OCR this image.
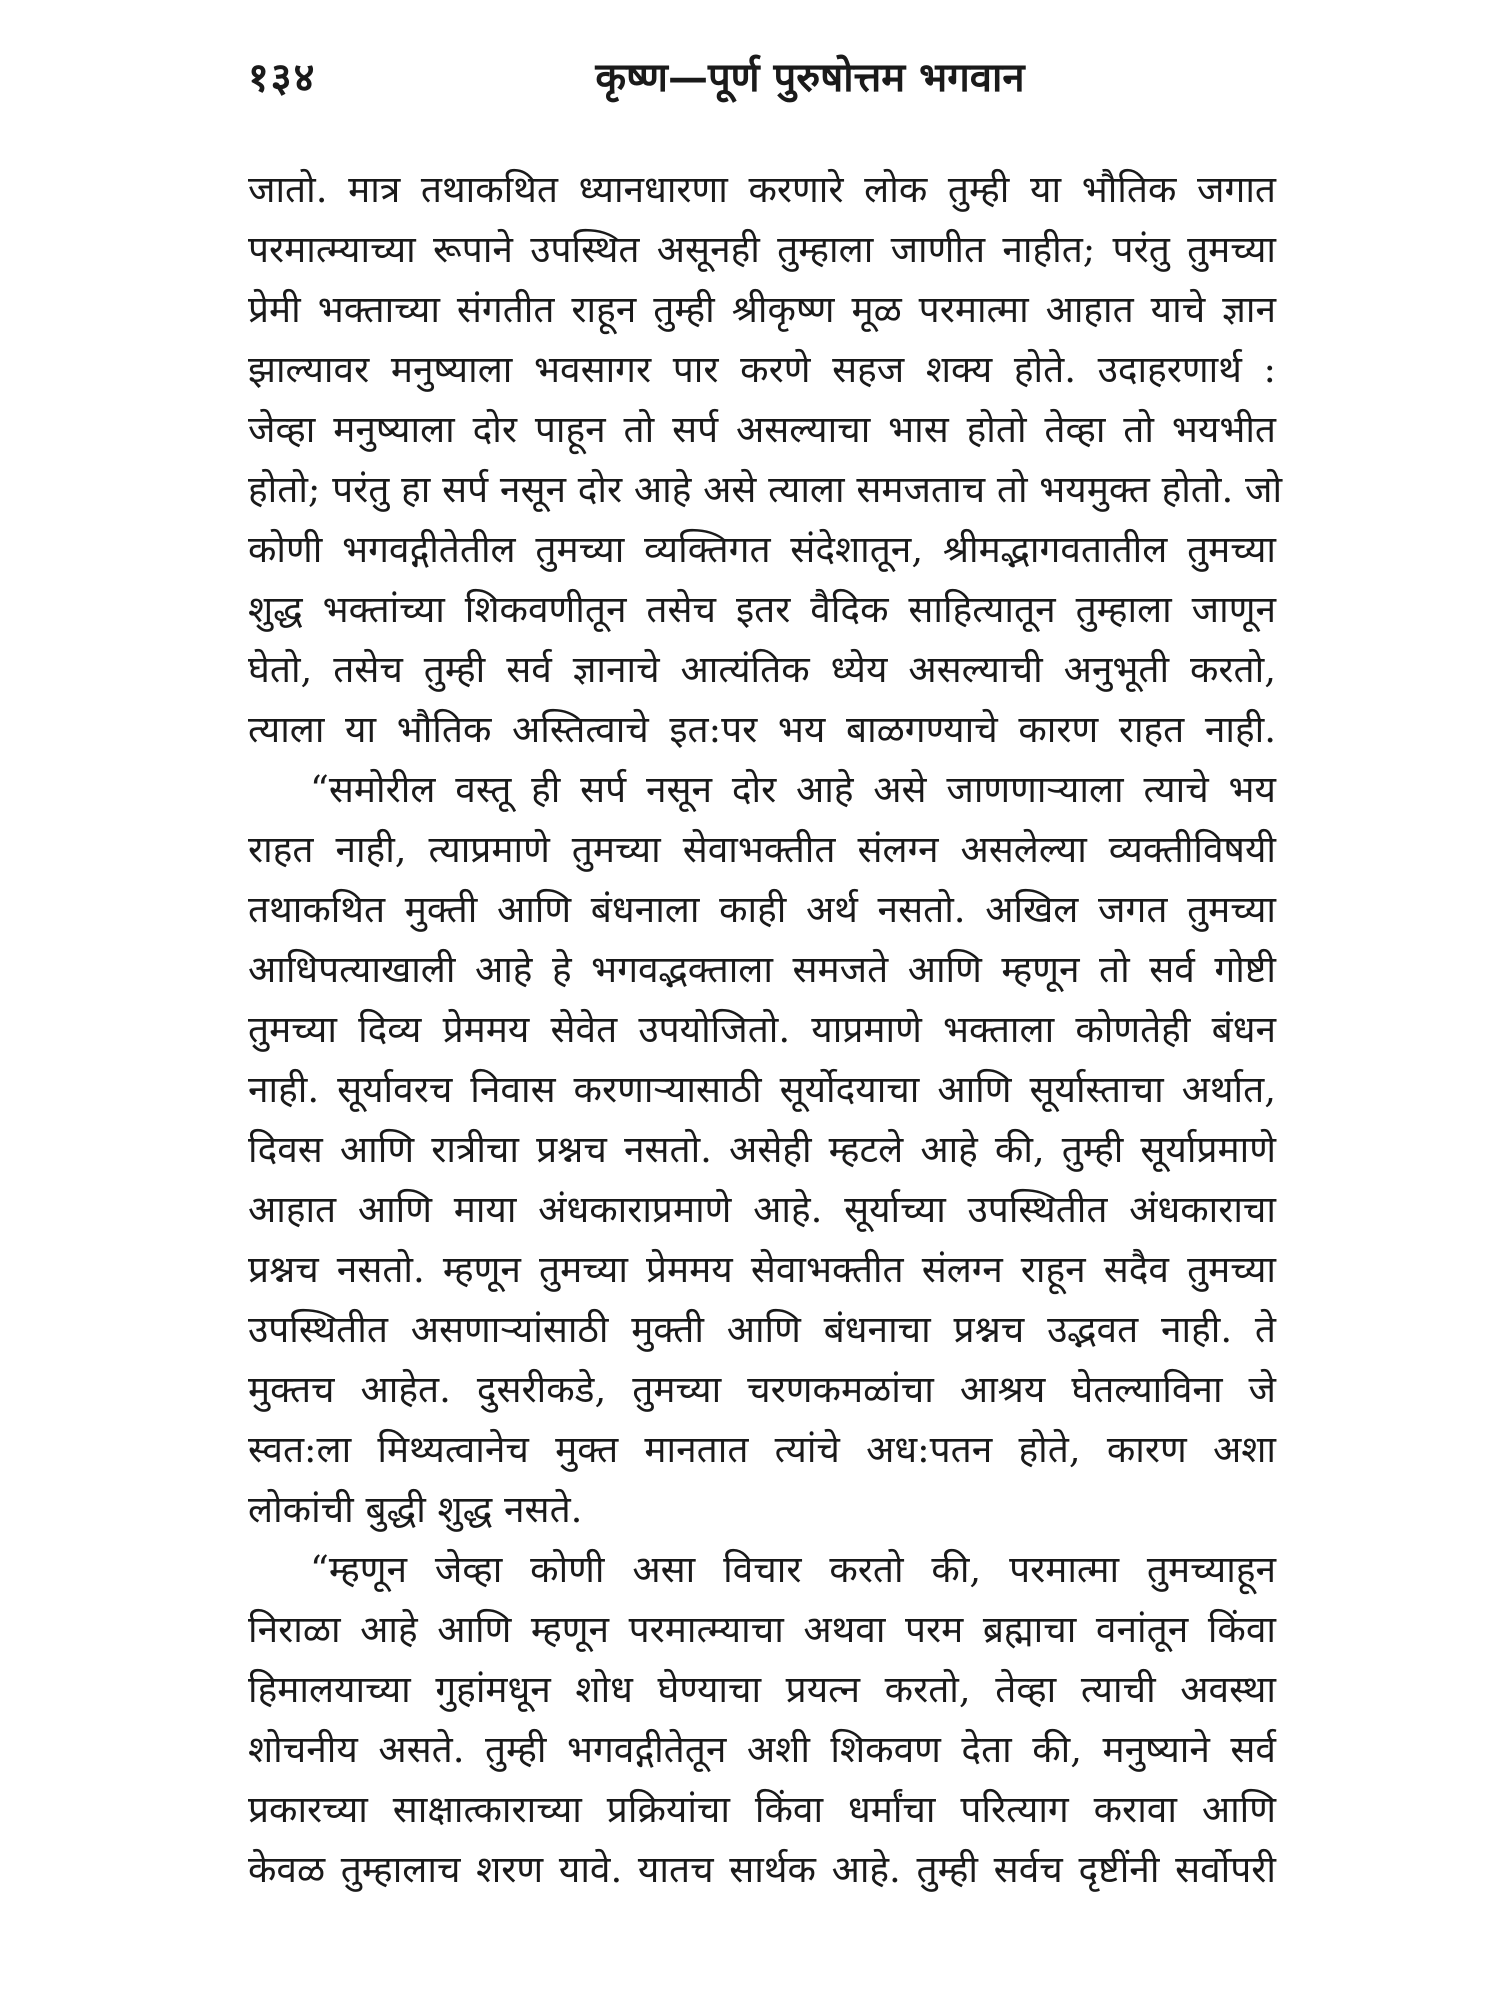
१३४	कृष्ण—पूर्ण पुरुषोत्तम भगवान
जातो. मात्र तथाकथित ध्यानधारणा करणारे लोक तुम्ही या भौतिक जगात
परमात्म्याच्या रूपाने उपस्थित असूनही तुम्हाला जाणीत नाहीत; परंतु तुमच्या
प्रेमी भक्ताच्या संगतीत राहून तुम्ही श्रीकृष्ण मूळ परमात्मा आहात याचे ज्ञान
झाल्यावर मनुष्याला भवसागर पार करणे सहज शक्य होते. उदाहरणार्थ :
जेव्हा मनुष्याला दोर पाहून तो सर्प असल्याचा भास होतो तेव्हा तो भयभीत
होतो; परंतु हा सर्प नसून दोर आहे असे त्याला समजताच तो भयमुक्त होतो. जो
कोणी भगवद्गीतेतील तुमच्या व्यक्तिगत संदेशातून, श्रीमद्भागवतातील तुमच्या
शुद्ध भक्तांच्या शिकवणीतून तसेच इतर वैदिक साहित्यातून तुम्हाला जाणून
घेतो, तसेच तुम्ही सर्व ज्ञानाचे आत्यंतिक ध्येय असल्याची अनुभूती करतो,
त्याला या भौतिक अस्तित्वाचे इत:पर भय बाळगण्याचे कारण राहत नाही.
“समोरील वस्तू ही सर्प नसून दोर आहे असे जाणणाऱ्याला त्याचे भय
राहत नाही, त्याप्रमाणे तुमच्या सेवाभक्तीत संलग्न असलेल्या व्यक्तीविषयी
तथाकथित मुक्ती आणि बंधनाला काही अर्थ नसतो. अखिल जगत तुमच्या
आधिपत्याखाली आहे हे भगवद्भक्ताला समजते आणि म्हणून तो सर्व गोष्टी
तुमच्या दिव्य प्रेममय सेवेत उपयोजितो. याप्रमाणे भक्ताला कोणतेही बंधन
नाही. सूर्यावरच निवास करणाऱ्यासाठी सूर्योदयाचा आणि सूर्यास्ताचा अर्थात,
दिवस आणि रात्रीचा प्रश्नच नसतो. असेही म्हटले आहे की, तुम्ही सूर्याप्रमाणे
आहात आणि माया अंधकाराप्रमाणे आहे. सूर्याच्या उपस्थितीत अंधकाराचा
प्रश्नच नसतो. म्हणून तुमच्या प्रेममय सेवाभक्तीत संलग्न राहून सदैव तुमच्या
उपस्थितीत असणाऱ्यांसाठी मुक्ती आणि बंधनाचा प्रश्नच उद्भवत नाही. ते
मुक्तच आहेत. दुसरीकडे, तुमच्या चरणकमळांचा आश्रय घेतल्याविना जे
स्वत:ला मिथ्यत्वानेच मुक्त मानतात त्यांचे अध:पतन होते, कारण अशा
लोकांची बुद्धी शुद्ध नसते.
“म्हणून जेव्हा कोणी असा विचार करतो की, परमात्मा तुमच्याहून
निराळा आहे आणि म्हणून परमात्म्याचा अथवा परम ब्रह्माचा वनांतून किंवा
हिमालयाच्या गुहांमधून शोध घेण्याचा प्रयत्न करतो, तेव्हा त्याची अवस्था
शोचनीय असते. तुम्ही भगवद्गीतेतून अशी शिकवण देता की, मनुष्याने सर्व
प्रकारच्या साक्षात्काराच्या प्रक्रियांचा किंवा धर्मांचा परित्याग करावा आणि
केवळ तुम्हालाच शरण यावे. यातच सार्थक आहे. तुम्ही सर्वच दृष्टींनी सर्वोपरी
